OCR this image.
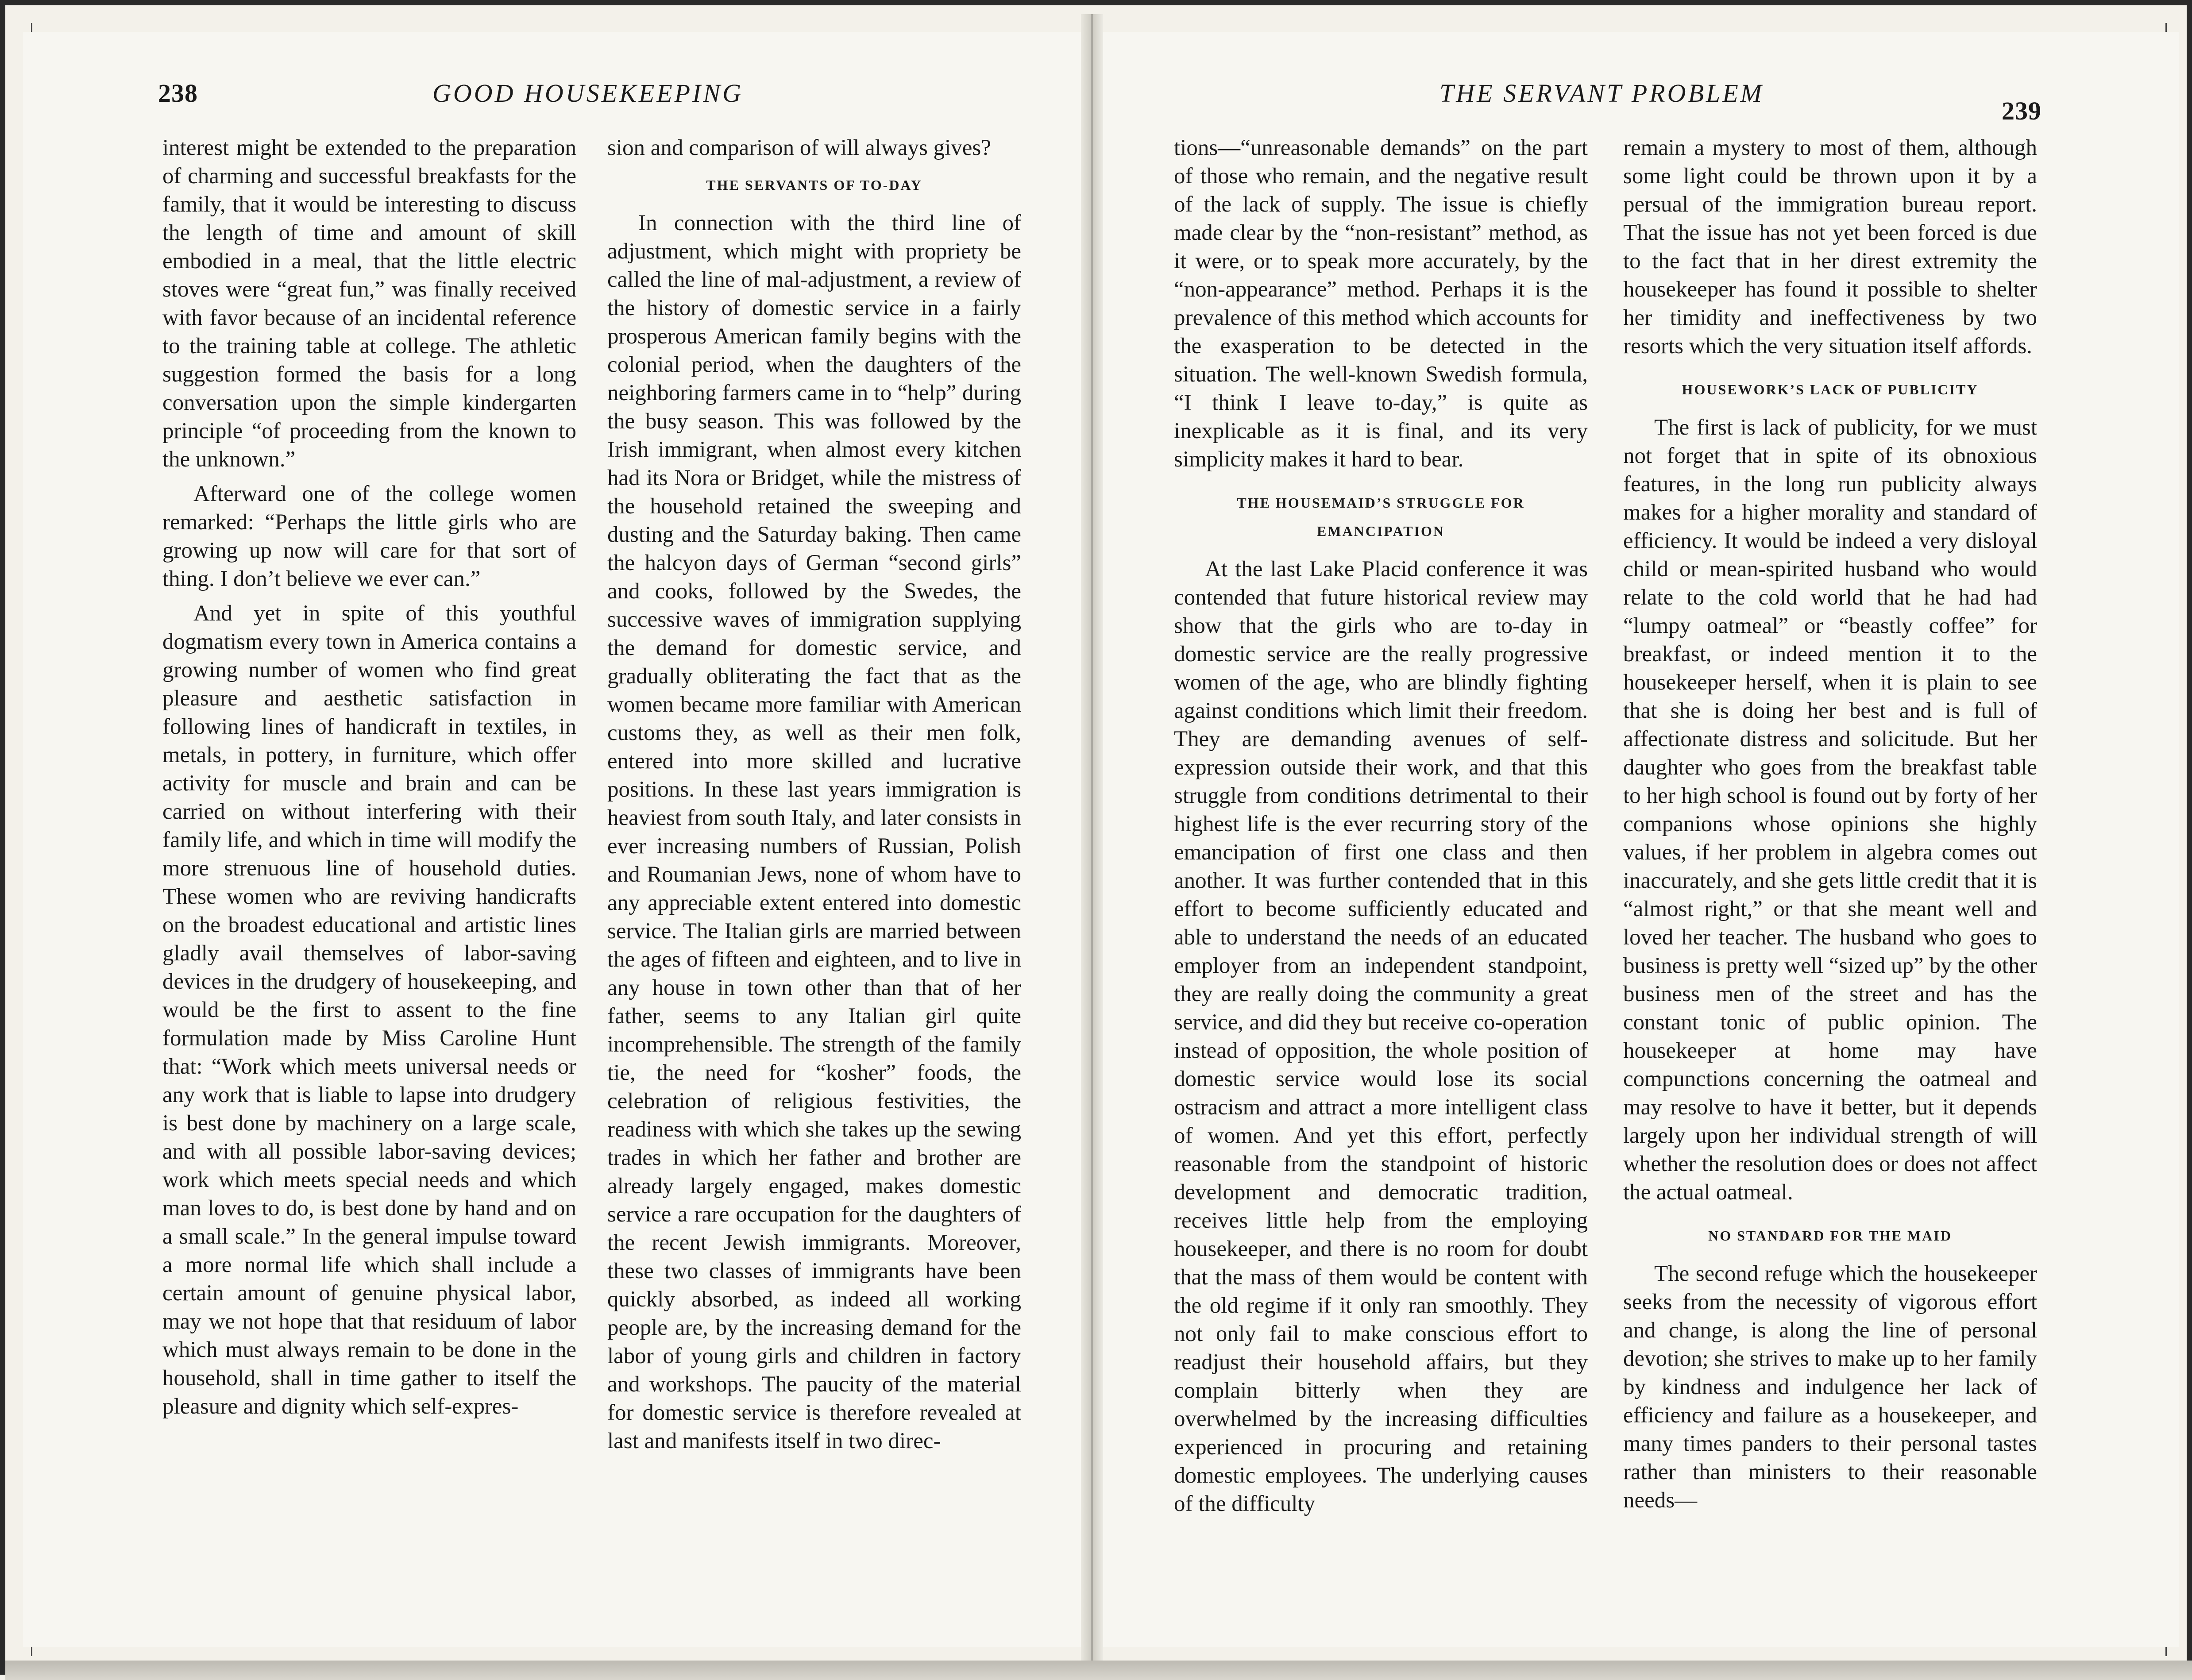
238	GOOD HOUSEKEEPING

interest might be extended to the preparation of charming and successful breakfasts for the family, that it would be interesting to discuss the length of time and amount of skill embodied in a meal, that the little electric stoves were “great fun,” was finally received with favor because of an incidental reference to the training table at college. The athletic suggestion formed the basis for a long conversation upon the simple kindergarten principle “of proceeding from the known to the unknown.”

Afterward one of the college women remarked: “Perhaps the little girls who are growing up now will care for that sort of thing. I don’t believe we ever can.”

And yet in spite of this youthful dogmatism every town in America contains a growing number of women who find great pleasure and aesthetic satisfaction in following lines of handicraft in textiles, in metals, in pottery, in furniture, which offer activity for muscle and brain and can be carried on without interfering with their family life, and which in time will modify the more strenuous line of household duties. These women who are reviving handicrafts on the broadest educational and artistic lines gladly avail themselves of labor-saving devices in the drudgery of housekeeping, and would be the first to assent to the fine formulation made by Miss Caroline Hunt that: “Work which meets universal needs or any work that is liable to lapse into drudgery is best done by machinery on a large scale, and with all possible labor-saving devices; work which meets special needs and which man loves to do, is best done by hand and on a small scale.” In the general impulse toward a more normal life which shall include a certain amount of genuine physical labor, may we not hope that that residuum of labor which must always remain to be done in the household, shall in time gather to itself the pleasure and dignity which self-expres-

sion and comparison of will always gives?

THE SERVANTS OF TO-DAY

In connection with the third line of adjustment, which might with propriety be called the line of mal-adjustment, a review of the history of domestic service in a fairly prosperous American family begins with the colonial period, when the daughters of the neighboring farmers came in to “help” during the busy season. This was followed by the Irish immigrant, when almost every kitchen had its Nora or Bridget, while the mistress of the household retained the sweeping and dusting and the Saturday baking. Then came the halcyon days of German “second girls” and cooks, followed by the Swedes, the successive waves of immigration supplying the demand for domestic service, and gradually obliterating the fact that as the women became more familiar with American customs they, as well as their men folk, entered into more skilled and lucrative positions. In these last years immigration is heaviest from south Italy, and later consists in ever increasing numbers of Russian, Polish and Roumanian Jews, none of whom have to any appreciable extent entered into domestic service. The Italian girls are married between the ages of fifteen and eighteen, and to live in any house in town other than that of her father, seems to any Italian girl quite incomprehensible. The strength of the family tie, the need for “kosher” foods, the celebration of religious festivities, the readiness with which she takes up the sewing trades in which her father and brother are already largely engaged, makes domestic service a rare occupation for the daughters of the recent Jewish immigrants. Moreover, these two classes of immigrants have been quickly absorbed, as indeed all working people are, by the increasing demand for the labor of young girls and children in factory and workshops. The paucity of the material for domestic service is therefore revealed at last and manifests itself in two direc-

THE SERVANT PROBLEM
239

tions—“unreasonable demands” on the part of those who remain, and the negative result of the lack of supply. The issue is chiefly made clear by the “non-resistant” method, as it were, or to speak more accurately, by the “non-appearance” method. Perhaps it is the prevalence of this method which accounts for the exasperation to be detected in the situation. The well-known Swedish formula, “I think I leave to-day,” is quite as inexplicable as it is final, and its very simplicity makes it hard to bear.

THE HOUSEMAID’S STRUGGLE FOR EMANCIPATION

At the last Lake Placid conference it was contended that future historical review may show that the girls who are to-day in domestic service are the really progressive women of the age, who are blindly fighting against conditions which limit their freedom. They are demanding avenues of self-expression outside their work, and that this struggle from conditions detrimental to their highest life is the ever recurring story of the emancipation of first one class and then another. It was further contended that in this effort to become sufficiently educated and able to understand the needs of an educated employer from an independent standpoint, they are really doing the community a great service, and did they but receive co-operation instead of opposition, the whole position of domestic service would lose its social ostracism and attract a more intelligent class of women. And yet this effort, perfectly reasonable from the standpoint of historic development and democratic tradition, receives little help from the employing housekeeper, and there is no room for doubt that the mass of them would be content with the old regime if it only ran smoothly. They not only fail to make conscious effort to readjust their household affairs, but they complain bitterly when they are overwhelmed by the increasing difficulties experienced in procuring and retaining domestic employees. The underlying causes of the difficulty

remain a mystery to most of them, although some light could be thrown upon it by a persual of the immigration bureau report. That the issue has not yet been forced is due to the fact that in her direst extremity the housekeeper has found it possible to shelter her timidity and ineffectiveness by two resorts which the very situation itself affords.

HOUSEWORK’S LACK OF PUBLICITY

The first is lack of publicity, for we must not forget that in spite of its obnoxious features, in the long run publicity always makes for a higher morality and standard of efficiency. It would be indeed a very disloyal child or mean-spirited husband who would relate to the cold world that he had had “lumpy oatmeal” or “beastly coffee” for breakfast, or indeed mention it to the housekeeper herself, when it is plain to see that she is doing her best and is full of affectionate distress and solicitude. But her daughter who goes from the breakfast table to her high school is found out by forty of her companions whose opinions she highly values, if her problem in algebra comes out inaccurately, and she gets little credit that it is “almost right,” or that she meant well and loved her teacher. The husband who goes to business is pretty well “sized up” by the other business men of the street and has the constant tonic of public opinion. The housekeeper at home may have compunctions concerning the oatmeal and may resolve to have it better, but it depends largely upon her individual strength of will whether the resolution does or does not affect the actual oatmeal.

NO STANDARD FOR THE MAID

The second refuge which the housekeeper seeks from the necessity of vigorous effort and change, is along the line of personal devotion; she strives to make up to her family by kindness and indulgence her lack of efficiency and failure as a housekeeper, and many times panders to their personal tastes rather than ministers to their reasonable needs—
